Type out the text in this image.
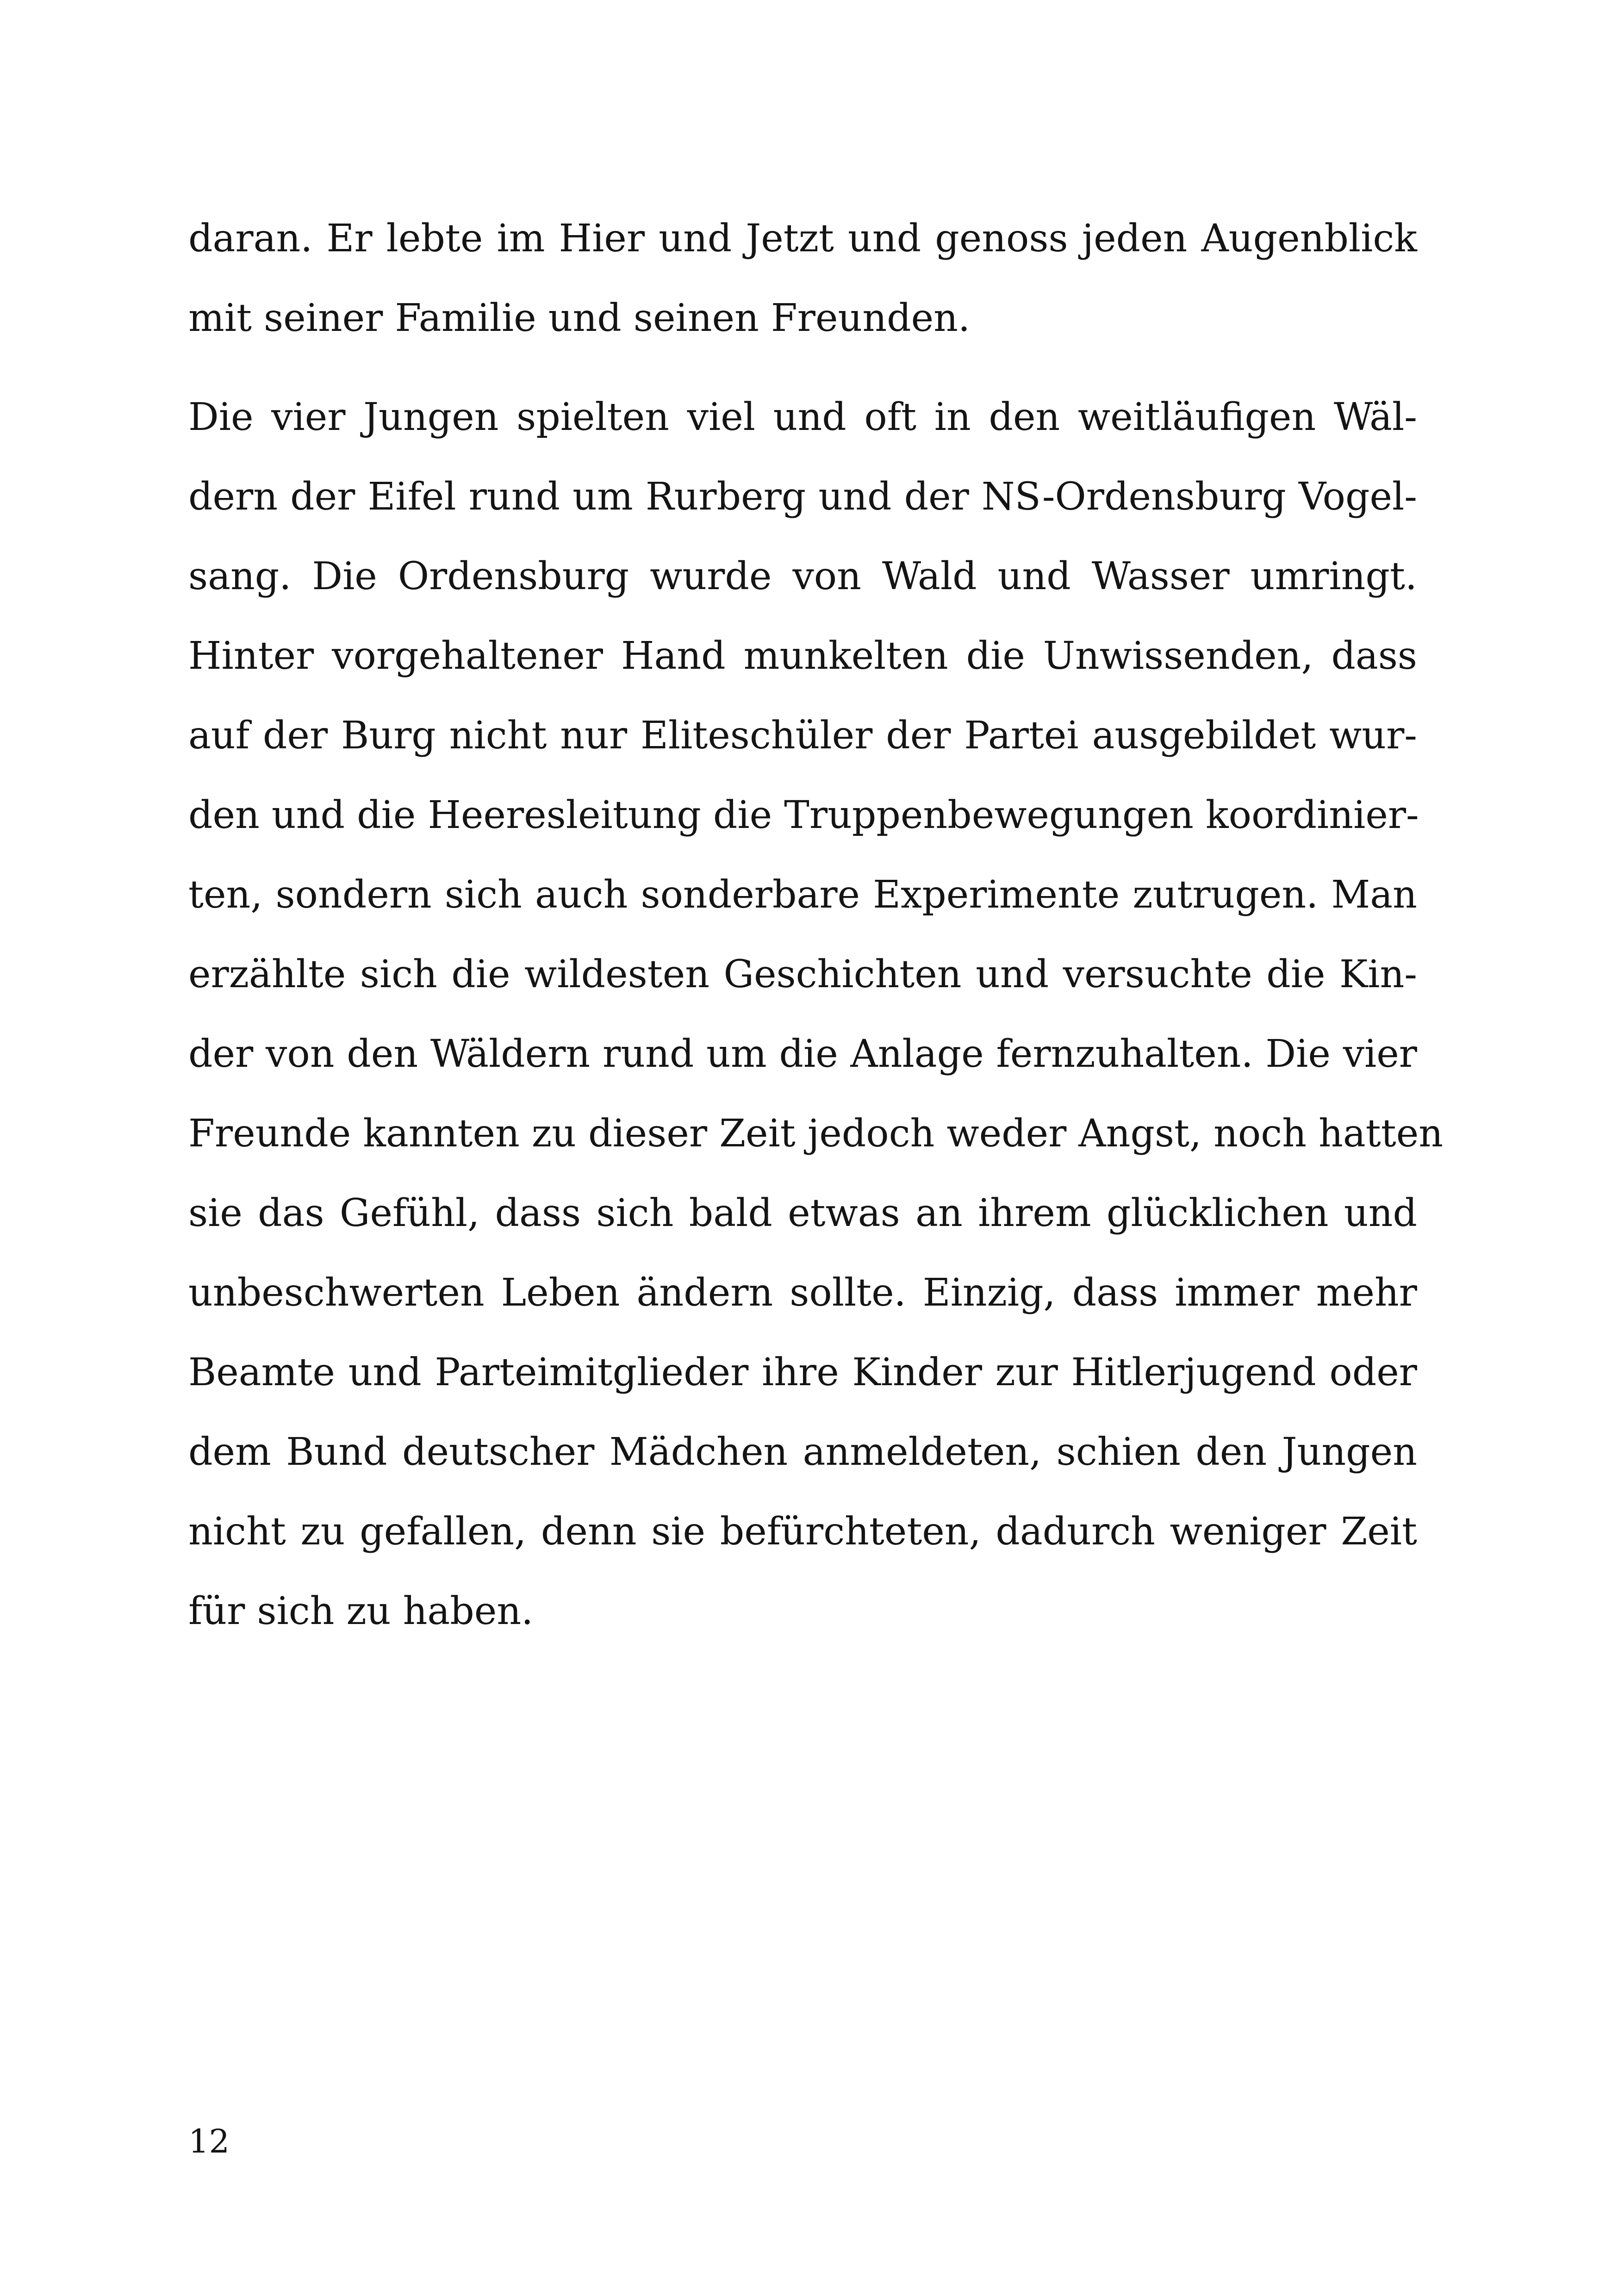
daran. Er lebte im Hier und Jetzt und genoss jeden Augenblick
mit seiner Familie und seinen Freunden.

Die vier Jungen spielten viel und oft in den weitläufigen Wäl-
dern der Eifel rund um Rurberg und der NS-Ordensburg Vogel-
sang. Die Ordensburg wurde von Wald und Wasser umringt.
Hinter vorgehaltener Hand munkelten die Unwissenden, dass
auf der Burg nicht nur Eliteschüler der Partei ausgebildet wur-
den und die Heeresleitung die Truppenbewegungen koordinier-
ten, sondern sich auch sonderbare Experimente zutrugen. Man
erzählte sich die wildesten Geschichten und versuchte die Kin-
der von den Wäldern rund um die Anlage fernzuhalten. Die vier
Freunde kannten zu dieser Zeit jedoch weder Angst, noch hatten
sie das Gefühl, dass sich bald etwas an ihrem glücklichen und
unbeschwerten Leben ändern sollte. Einzig, dass immer mehr
Beamte und Parteimitglieder ihre Kinder zur Hitlerjugend oder
dem Bund deutscher Mädchen anmeldeten, schien den Jungen
nicht zu gefallen, denn sie befürchteten, dadurch weniger Zeit
für sich zu haben.

12
